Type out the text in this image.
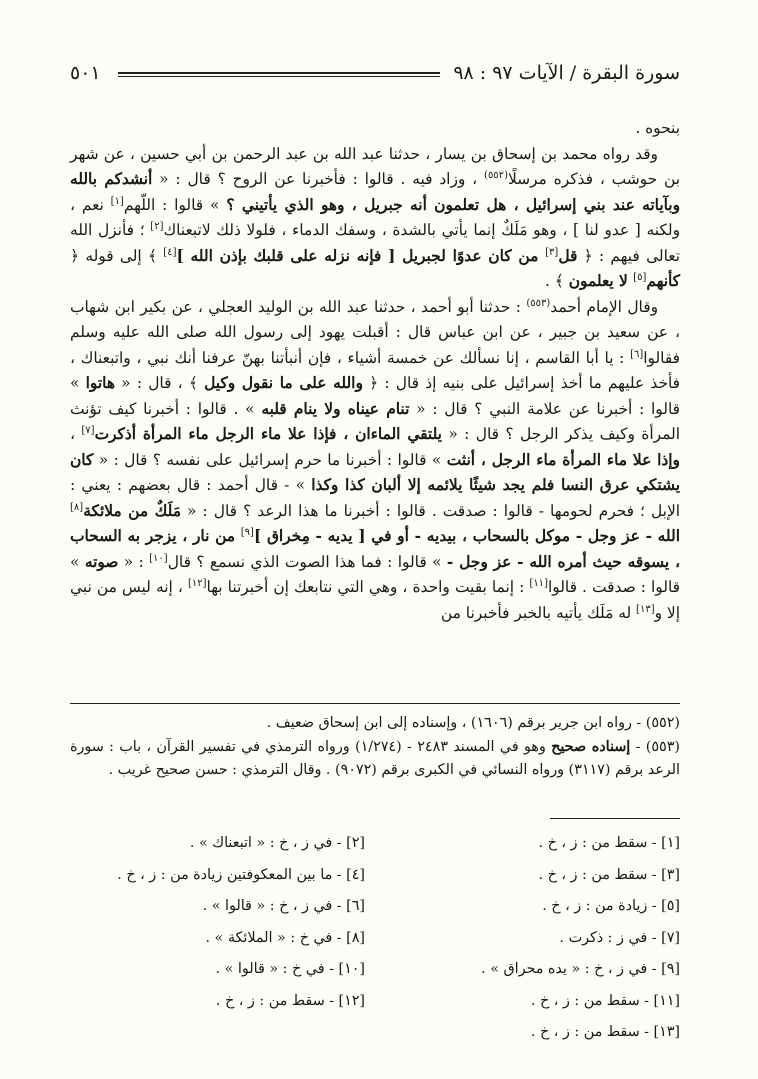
سورة البقرة / الآيات ٩٧ : ٩٨
٥٠١

بنحوه .

وقد رواه محمد بن إسحاق بن يسار ، حدثنا عبد الله بن عبد الرحمن بن أبي حسين ، عن شهر بن حوشب ، فذكره مرسلًا$^{(٥٥٢)}$ ، وزاد فيه . قالوا : فأخبرنا عن الروح ؟ قال : « أنشدكم بالله وبآياته عند بني إسرائيل ، هل تعلمون أنه جبريل ، وهو الذي يأتيني ؟ » قالوا : اللّهم[١] نعم ، ولكنه [ عدو لنا ] ، وهو مَلَكٌ إنما يأتي بالشدة ، وسفك الدماء ، فلولا ذلك لاتبعناك[٢] ؛ فأنزل الله تعالى فيهم : ﴿ قل[٣] من كان عدوًا لجبريل [ فإنه نزله على قلبك بإذن الله ][٤] ﴾ إلى قوله ﴿ كأنهم[٥] لا يعلمون ﴾ .

وقال الإمام أحمد$^{(٥٥٣)}$ : حدثنا أبو أحمد ، حدثنا عبد الله بن الوليد العجلي ، عن بكير ابن شهاب ، عن سعيد بن جبير ، عن ابن عباس قال : أقبلت يهود إلى رسول الله صلى الله عليه وسلم فقالوا[٦] : يا أبا القاسم ، إنا نسألك عن خمسة أشياء ، فإن أنبأتنا بهنّ عرفنا أنك نبي ، واتبعناك ، فأخذ عليهم ما أخذ إسرائيل على بنيه إذ قال : ﴿ والله على ما نقول وكيل ﴾ ، قال : « هاتوا » قالوا : أخبرنا عن علامة النبي ؟ قال : « تنام عيناه ولا ينام قلبه » . قالوا : أخبرنا كيف تؤنث المرأة وكيف يذكر الرجل ؟ قال : « يلتقي الماءان ، فإذا علا ماء الرجل ماء المرأة أذكرت[٧] ، وإذا علا ماء المرأة ماء الرجل ، أنثت » قالوا : أخبرنا ما حرم إسرائيل على نفسه ؟ قال : « كان يشتكي عرق النسا فلم يجد شيئًا يلائمه إلا ألبان كذا وكذا » - قال أحمد : قال بعضهم : يعني : الإبل ؛ فحرم لحومها - قالوا : صدقت . قالوا : أخبرنا ما هذا الرعد ؟ قال : « مَلَكٌ من ملائكة[٨] الله - عز وجل - موكل بالسحاب ، بيديه - أو في [ يديه - مِخراق ][٩] من نار ، يزجر به السحاب ، يسوقه حيث أمره الله - عز وجل - » قالوا : فما هذا الصوت الذي نسمع ؟ قال[١٠] : « صوته » قالوا : صدقت . قالوا[١١] : إنما بقيت واحدة ، وهي التي نتابعك إن أخبرتنا بها[١٢] ، إنه ليس من نبي إلا و[١٣] له مَلَك يأتيه بالخبر فأخبرنا من

(٥٥٢) - رواه ابن جرير برقم (١٦٠٦) ، وإسناده إلى ابن إسحاق ضعيف .

(٥٥٣) - إسناده صحيح وهو في المسند ٢٤٨٣ - (١/٢٧٤) ورواه الترمذي في تفسير القرآن ، باب : سورة الرعد برقم (٣١١٧) ورواه النسائي في الكبرى برقم (٩٠٧٢) . وقال الترمذي : حسن صحيح غريب .

[١] - سقط من : ز ، خ .
[٢] - في ز ، خ : « اتبعناك » .
[٣] - سقط من : ز ، خ .
[٤] - ما بين المعكوفتين زيادة من : ز ، خ .
[٥] - زيادة من : ز ، خ .
[٦] - في ز ، خ : « قالوا » .
[٧] - في ز : ذكرت .
[٨] - في خ : « الملائكة » .
[٩] - في ز ، خ : « يده محراق » .
[١٠] - في خ : « قالوا » .
[١١] - سقط من : ز ، خ .
[١٢] - سقط من : ز ، خ .
[١٣] - سقط من : ز ، خ .
